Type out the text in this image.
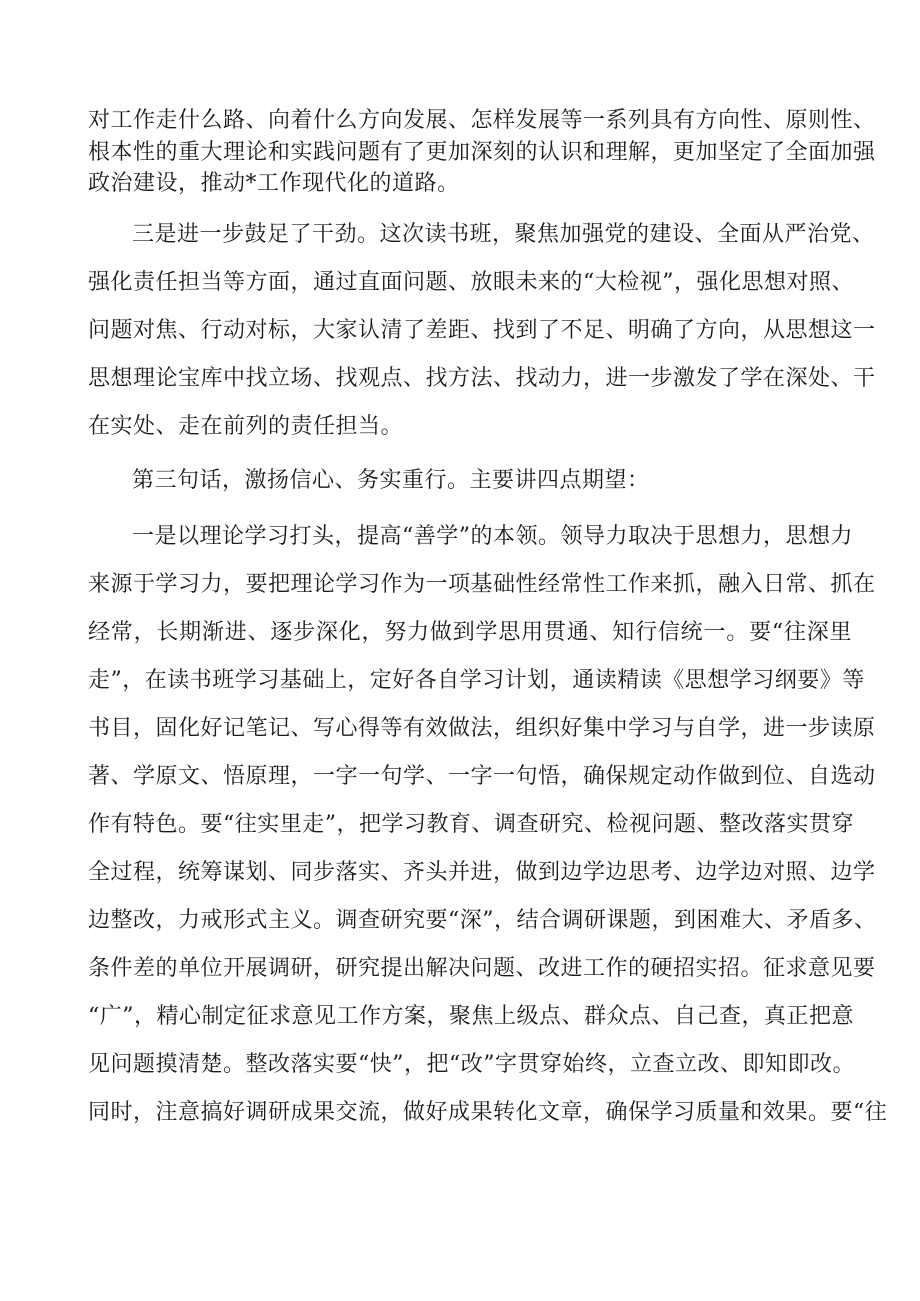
对工作走什么路、向着什么方向发展、怎样发展等一系列具有方向性、原则性、
根本性的重大理论和实践问题有了更加深刻的认识和理解，更加坚定了全面加强
政治建设，推动*工作现代化的道路。
三是进一步鼓足了干劲。这次读书班，聚焦加强党的建设、全面从严治党、
强化责任担当等方面，通过直面问题、放眼未来的“大检视”，强化思想对照、
问题对焦、行动对标，大家认清了差距、找到了不足、明确了方向，从思想这一
思想理论宝库中找立场、找观点、找方法、找动力，进一步激发了学在深处、干
在实处、走在前列的责任担当。
第三句话，激扬信心、务实重行。主要讲四点期望：
一是以理论学习打头，提高“善学”的本领。领导力取决于思想力，思想力
来源于学习力，要把理论学习作为一项基础性经常性工作来抓，融入日常、抓在
经常，长期渐进、逐步深化，努力做到学思用贯通、知行信统一。要“往深里
走”，在读书班学习基础上，定好各自学习计划，通读精读《思想学习纲要》等
书目，固化好记笔记、写心得等有效做法，组织好集中学习与自学，进一步读原
著、学原文、悟原理，一字一句学、一字一句悟，确保规定动作做到位、自选动
作有特色。要“往实里走”，把学习教育、调查研究、检视问题、整改落实贯穿
全过程，统筹谋划、同步落实、齐头并进，做到边学边思考、边学边对照、边学
边整改，力戒形式主义。调查研究要“深”，结合调研课题，到困难大、矛盾多、
条件差的单位开展调研，研究提出解决问题、改进工作的硬招实招。征求意见要
“广”，精心制定征求意见工作方案，聚焦上级点、群众点、自己查，真正把意
见问题摸清楚。整改落实要“快”，把“改”字贯穿始终，立查立改、即知即改。
同时，注意搞好调研成果交流，做好成果转化文章，确保学习质量和效果。要“往
